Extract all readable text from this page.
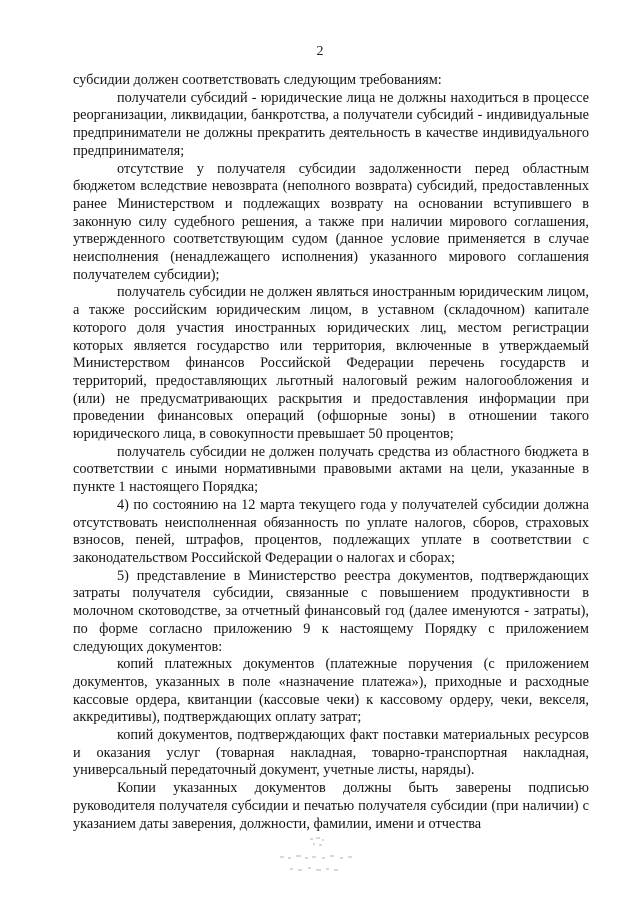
2

субсидии должен соответствовать следующим требованиям:

получатели субсидий - юридические лица не должны находиться в процессе реорганизации, ликвидации, банкротства, а получатели субсидий - индивидуальные предприниматели не должны прекратить деятельность в качестве индивидуального предпринимателя;

отсутствие у получателя субсидии задолженности перед областным бюджетом вследствие невозврата (неполного возврата) субсидий, предоставленных ранее Министерством и подлежащих возврату на основании вступившего в законную силу судебного решения, а также при наличии мирового соглашения, утвержденного соответствующим судом (данное условие применяется в случае неисполнения (ненадлежащего исполнения) указанного мирового соглашения получателем субсидии);

получатель субсидии не должен являться иностранным юридическим лицом, а также российским юридическим лицом, в уставном (складочном) капитале которого доля участия иностранных юридических лиц, местом регистрации которых является государство или территория, включенные в утверждаемый Министерством финансов Российской Федерации перечень государств и территорий, предоставляющих льготный налоговый режим налогообложения и (или) не предусматривающих раскрытия и предоставления информации при проведении финансовых операций (офшорные зоны) в отношении такого юридического лица, в совокупности превышает 50 процентов;

получатель субсидии не должен получать средства из областного бюджета в соответствии с иными нормативными правовыми актами на цели, указанные в пункте 1 настоящего Порядка;

4) по состоянию на 12 марта текущего года у получателей субсидии должна отсутствовать неисполненная обязанность по уплате налогов, сборов, страховых взносов, пеней, штрафов, процентов, подлежащих уплате в соответствии с законодательством Российской Федерации о налогах и сборах;

5) представление в Министерство реестра документов, подтверждающих затраты получателя субсидии, связанные с повышением продуктивности в молочном скотоводстве, за отчетный финансовый год (далее именуются - затраты), по форме согласно приложению 9 к настоящему Порядку с приложением следующих документов:

копий платежных документов (платежные поручения (с приложением документов, указанных в поле «назначение платежа»), приходные и расходные кассовые ордера, квитанции (кассовые чеки) к кассовому ордеру, чеки, векселя, аккредитивы), подтверждающих оплату затрат;

копий документов, подтверждающих факт поставки материальных ресурсов и оказания услуг (товарная накладная, товарно-транспортная накладная, универсальный передаточный документ, учетные листы, наряды).

Копии указанных документов должны быть заверены подписью руководителя получателя субсидии и печатью получателя субсидии (при наличии) с указанием даты заверения, должности, фамилии, имени и отчества
